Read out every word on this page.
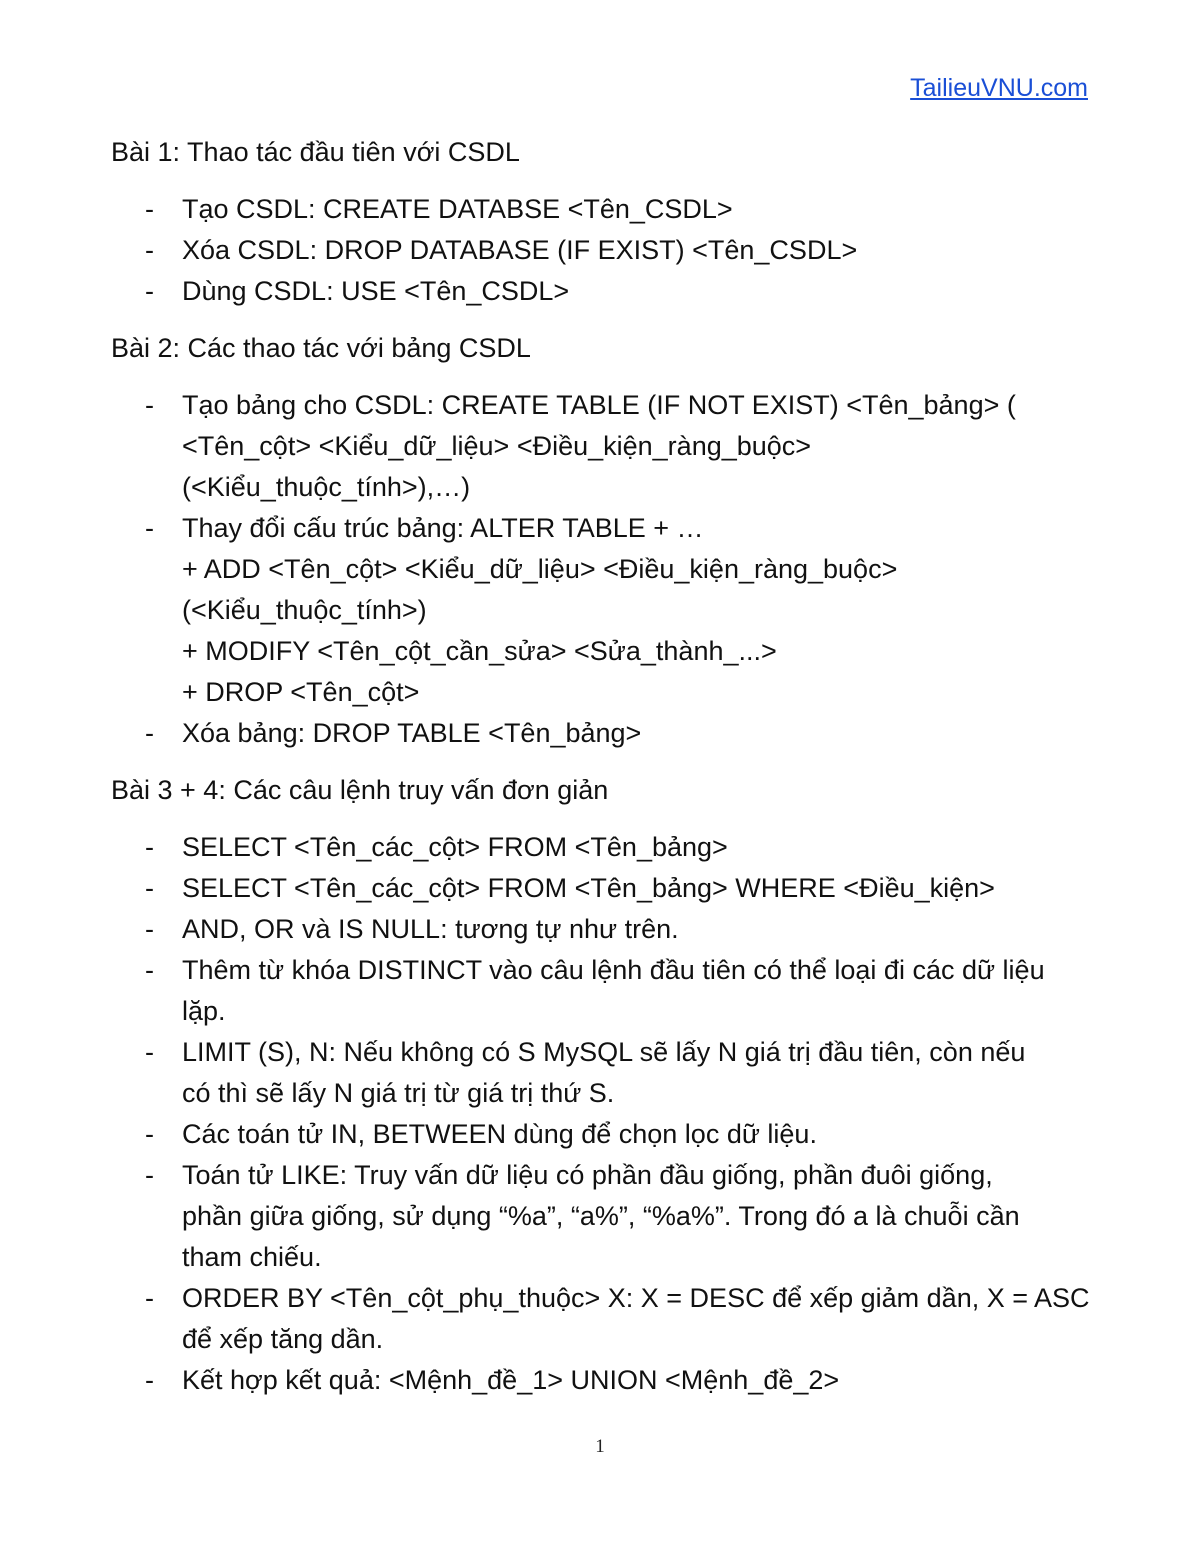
TailieuVNU.com
Bài 1: Thao tác đầu tiên với CSDL
- Tạo CSDL: CREATE DATABSE <Tên_CSDL>
- Xóa CSDL: DROP DATABASE (IF EXIST) <Tên_CSDL>
- Dùng CSDL: USE <Tên_CSDL>
Bài 2: Các thao tác với bảng CSDL
- Tạo bảng cho CSDL: CREATE TABLE (IF NOT EXIST) <Tên_bảng> (
<Tên_cột> <Kiểu_dữ_liệu> <Điều_kiện_ràng_buộc>
(<Kiểu_thuộc_tính>),…)
- Thay đổi cấu trúc bảng: ALTER TABLE + …
+ ADD <Tên_cột> <Kiểu_dữ_liệu> <Điều_kiện_ràng_buộc>
(<Kiểu_thuộc_tính>)
+ MODIFY <Tên_cột_cần_sửa> <Sửa_thành_...>
+ DROP <Tên_cột>
- Xóa bảng: DROP TABLE <Tên_bảng>
Bài 3 + 4: Các câu lệnh truy vấn đơn giản
- SELECT <Tên_các_cột> FROM <Tên_bảng>
- SELECT <Tên_các_cột> FROM <Tên_bảng> WHERE <Điều_kiện>
- AND, OR và IS NULL: tương tự như trên.
- Thêm từ khóa DISTINCT vào câu lệnh đầu tiên có thể loại đi các dữ liệu
lặp.
- LIMIT (S), N: Nếu không có S MySQL sẽ lấy N giá trị đầu tiên, còn nếu
có thì sẽ lấy N giá trị từ giá trị thứ S.
- Các toán tử IN, BETWEEN dùng để chọn lọc dữ liệu.
- Toán tử LIKE: Truy vấn dữ liệu có phần đầu giống, phần đuôi giống,
phần giữa giống, sử dụng “%a”, “a%”, “%a%”. Trong đó a là chuỗi cần
tham chiếu.
- ORDER BY <Tên_cột_phụ_thuộc> X: X = DESC để xếp giảm dần, X = ASC
để xếp tăng dần.
- Kết hợp kết quả: <Mệnh_đề_1> UNION <Mệnh_đề_2>
1
